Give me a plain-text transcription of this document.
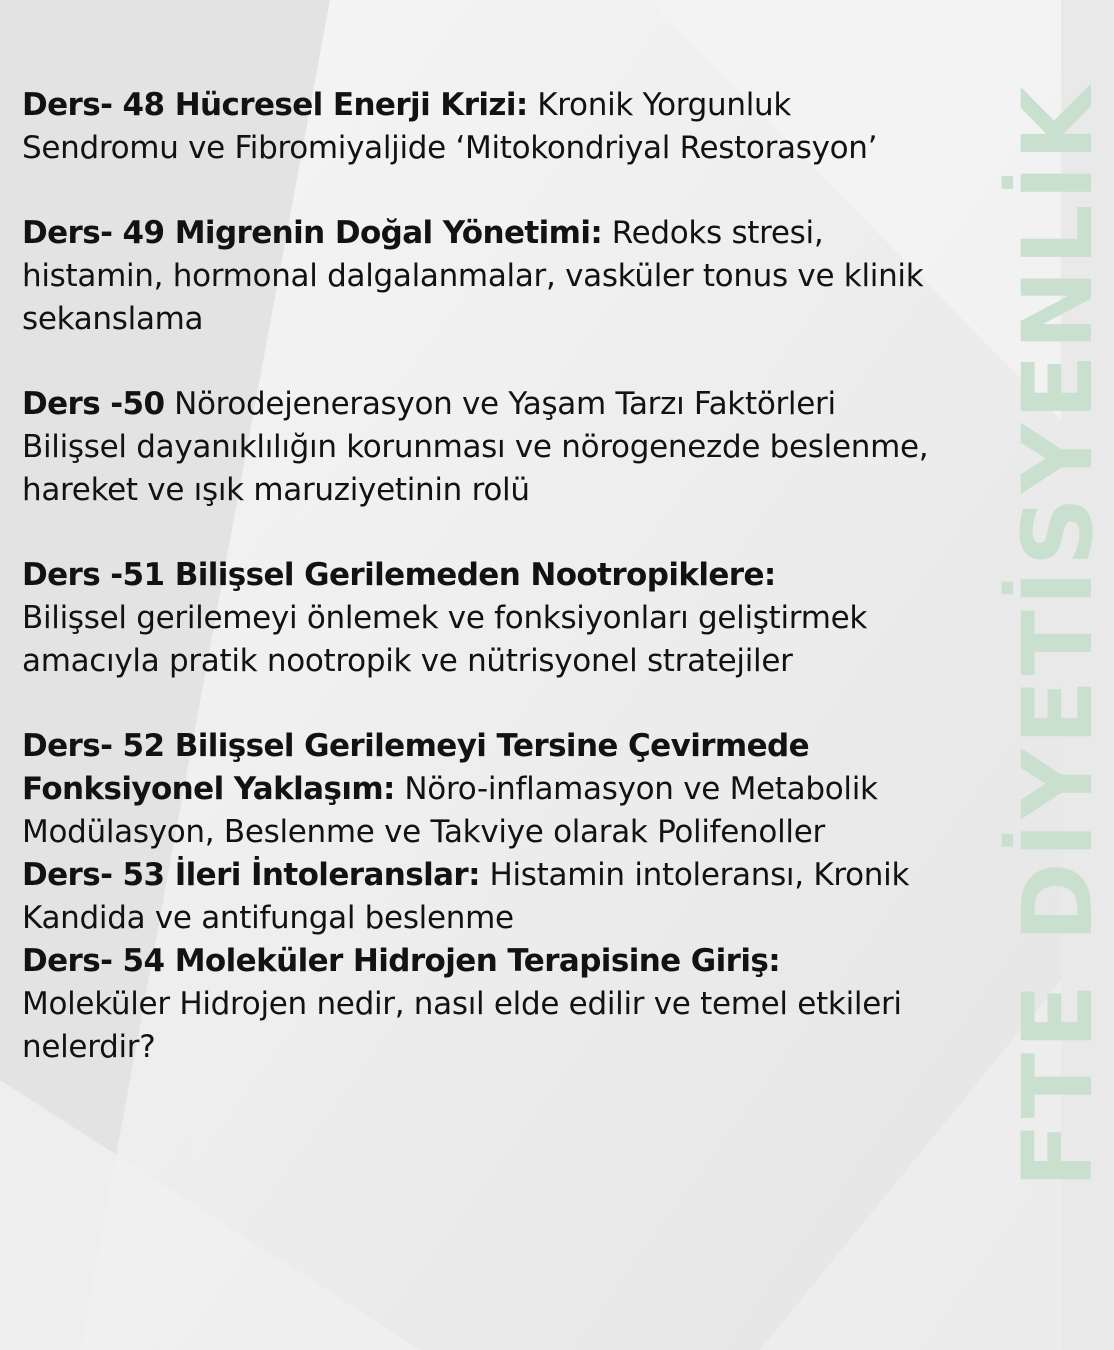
Ders- 48 Hücresel Enerji Krizi: Kronik Yorgunluk Sendromu ve Fibromiyaljide ‘Mitokondriyal Restorasyon’

Ders- 49 Migrenin Doğal Yönetimi: Redoks stresi, histamin, hormonal dalgalanmalar, vasküler tonus ve klinik sekanslama

Ders -50 Nörodejenerasyon ve Yaşam Tarzı Faktörleri
Bilişsel dayanıklılığın korunması ve nörogenezde beslenme, hareket ve ışık maruziyetinin rolü

Ders -51 Bilişsel Gerilemeden Nootropiklere:
Bilişsel gerilemeyi önlemek ve fonksiyonları geliştirmek amacıyla pratik nootropik ve nütrisyonel stratejiler

Ders- 52 Bilişsel Gerilemeyi Tersine Çevirmede Fonksiyonel Yaklaşım: Nöro-inflamasyon ve Metabolik Modülasyon, Beslenme ve Takviye olarak Polifenoller

Ders- 53 İleri İntoleranslar: Histamin intoleransı, Kronik Kandida ve antifungal beslenme

Ders- 54 Moleküler Hidrojen Terapisine Giriş:
Moleküler Hidrojen nedir, nasıl elde edilir ve temel etkileri nelerdir?	FTE DİYETİSYENLİK
